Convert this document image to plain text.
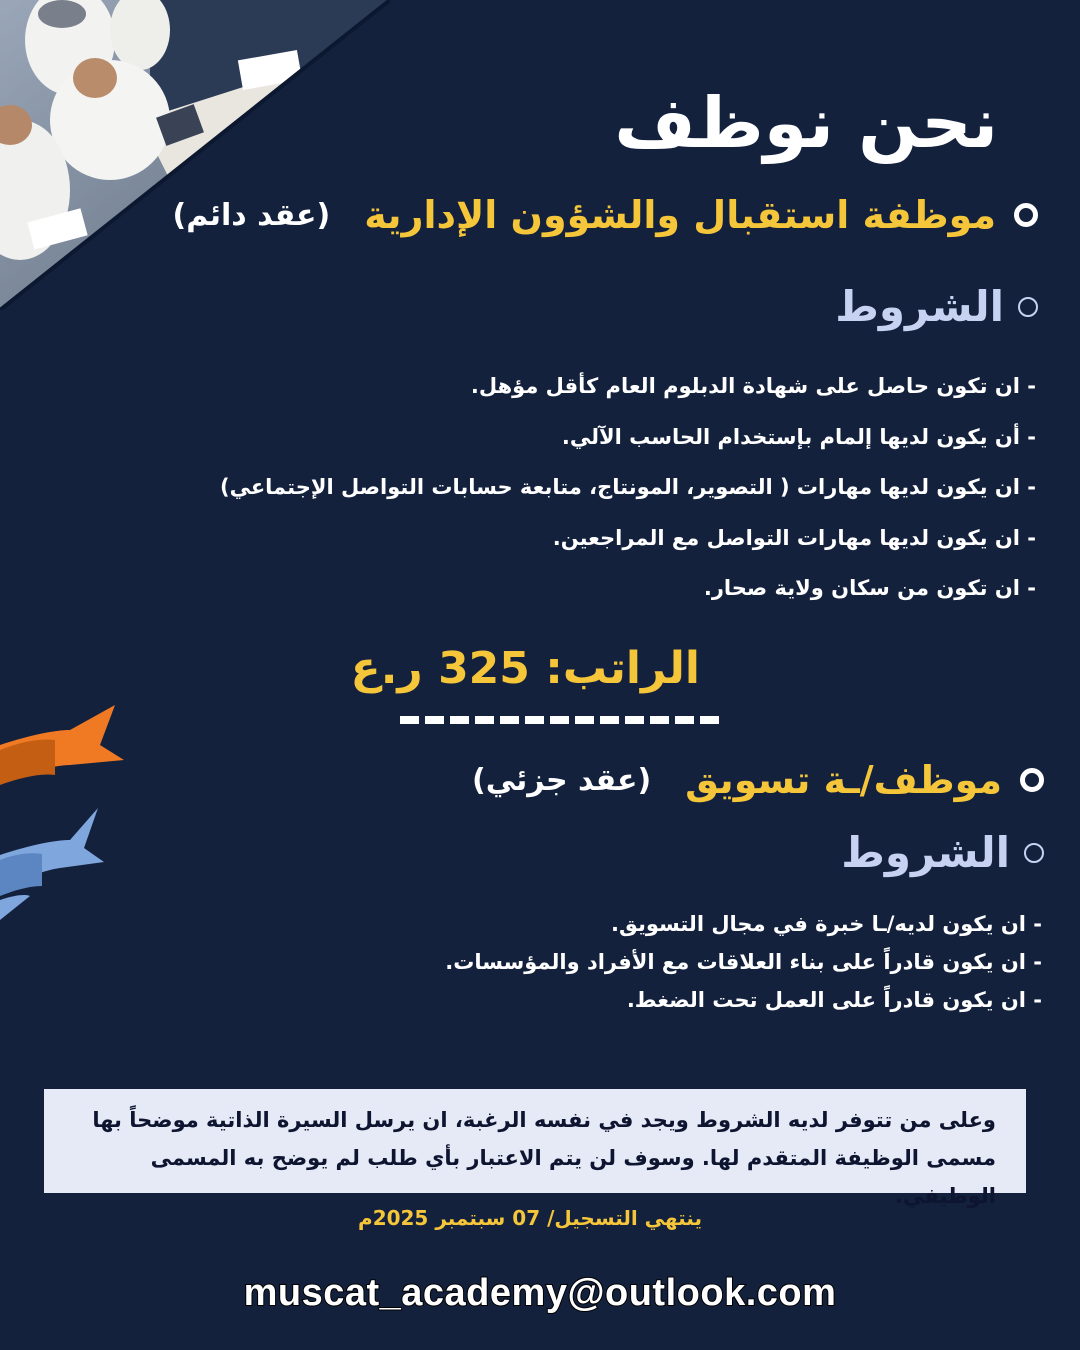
نحن نوظف
موظفة استقبال والشؤون الإدارية
(عقد دائم)
الشروط
- ان تكون حاصل على شهادة الدبلوم العام كأقل مؤهل.
- أن يكون لديها إلمام بإستخدام الحاسب الآلي.
- ان يكون لديها مهارات ( التصوير، المونتاج، متابعة حسابات التواصل الإجتماعي)
- ان يكون لديها مهارات التواصل مع المراجعين.
- ان تكون من سكان ولاية صحار.
الراتب: 325 ر.ع
موظف/ـة تسويق
(عقد جزئي)
الشروط
- ان يكون لديه/ـا خبرة في مجال التسويق.
- ان يكون قادراً على بناء العلاقات مع الأفراد والمؤسسات.
- ان يكون قادراً على العمل تحت الضغط.
وعلى من تتوفر لديه الشروط ويجد في نفسه الرغبة، ان يرسل السيرة الذاتية موضحاً بها مسمى الوظيفة المتقدم لها. وسوف لن يتم الاعتبار بأي طلب لم يوضح به المسمى الوظيفي.
ينتهي التسجيل/ 07 سبتمبر 2025م
muscat_academy@outlook.com
